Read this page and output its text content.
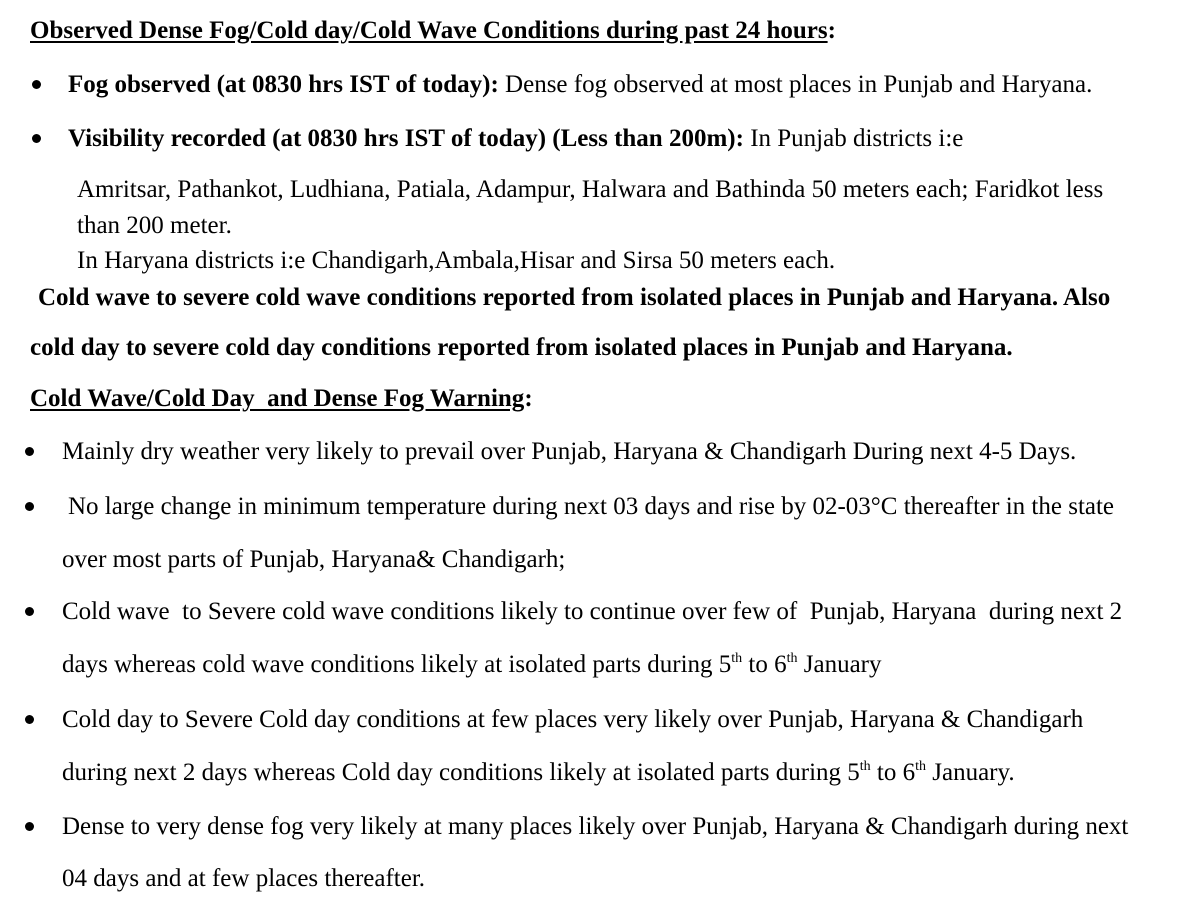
Observed Dense Fog/Cold day/Cold Wave Conditions during past 24 hours:
Fog observed (at 0830 hrs IST of today): Dense fog observed at most places in Punjab and Haryana.
Visibility recorded (at 0830 hrs IST of today) (Less than 200m): In Punjab districts i:e
Amritsar, Pathankot, Ludhiana, Patiala, Adampur, Halwara and Bathinda 50 meters each; Faridkot less
than 200 meter.
In Haryana districts i:e Chandigarh,Ambala,Hisar and Sirsa 50 meters each.
Cold wave to severe cold wave conditions reported from isolated places in Punjab and Haryana. Also
cold day to severe cold day conditions reported from isolated places in Punjab and Haryana.
Cold Wave/Cold Day  and Dense Fog Warning:
Mainly dry weather very likely to prevail over Punjab, Haryana & Chandigarh During next 4-5 Days.
No large change in minimum temperature during next 03 days and rise by 02-03°C thereafter in the state
over most parts of Punjab, Haryana& Chandigarh;
Cold wave  to Severe cold wave conditions likely to continue over few of  Punjab, Haryana  during next 2
days whereas cold wave conditions likely at isolated parts during 5th to 6th January
Cold day to Severe Cold day conditions at few places very likely over Punjab, Haryana & Chandigarh
during next 2 days whereas Cold day conditions likely at isolated parts during 5th to 6th January.
Dense to very dense fog very likely at many places likely over Punjab, Haryana & Chandigarh during next
04 days and at few places thereafter.
